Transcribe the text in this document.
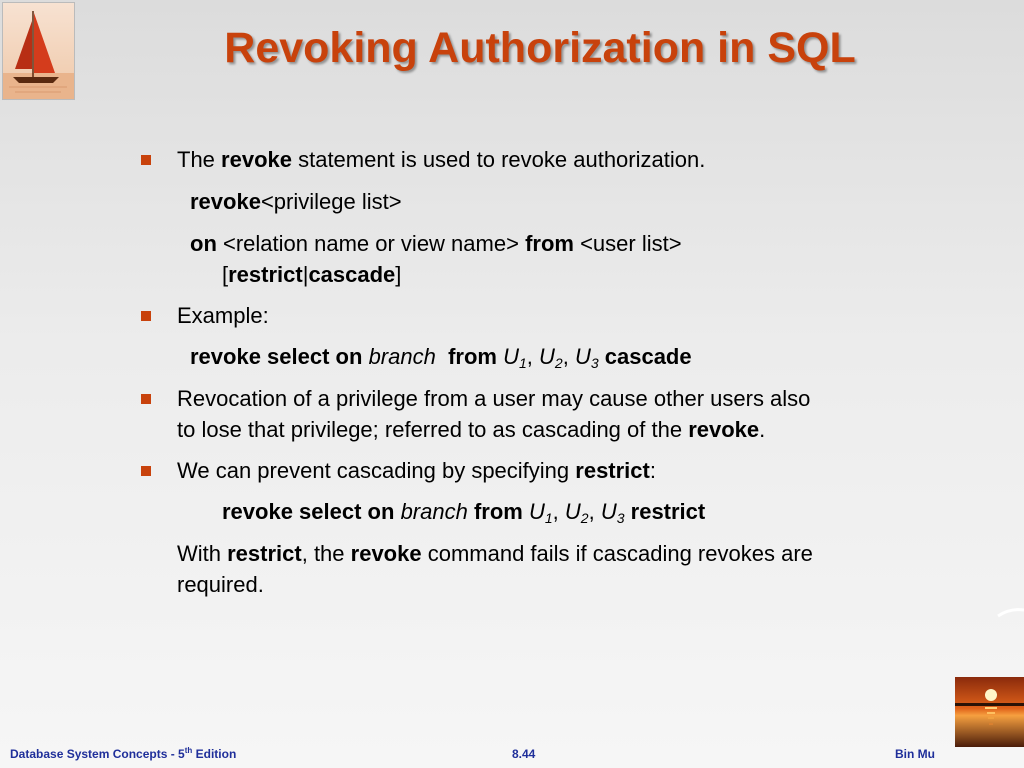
Revoking Authorization in SQL
The revoke statement is used to revoke authorization.
revoke<privilege list>
on <relation name or view name> from <user list>
[restrict|cascade]
Example:
revoke select on branch from $U_1$, $U_2$, $U_3$ cascade
Revocation of a privilege from a user may cause other users also
to lose that privilege; referred to as cascading of the revoke.
We can prevent cascading by specifying restrict:
revoke select on branch from $U_1$, $U_2$, $U_3$ restrict
With restrict, the revoke command fails if cascading revokes are
required.
Database System Concepts - 5th Edition	8.44	Bin Mu
